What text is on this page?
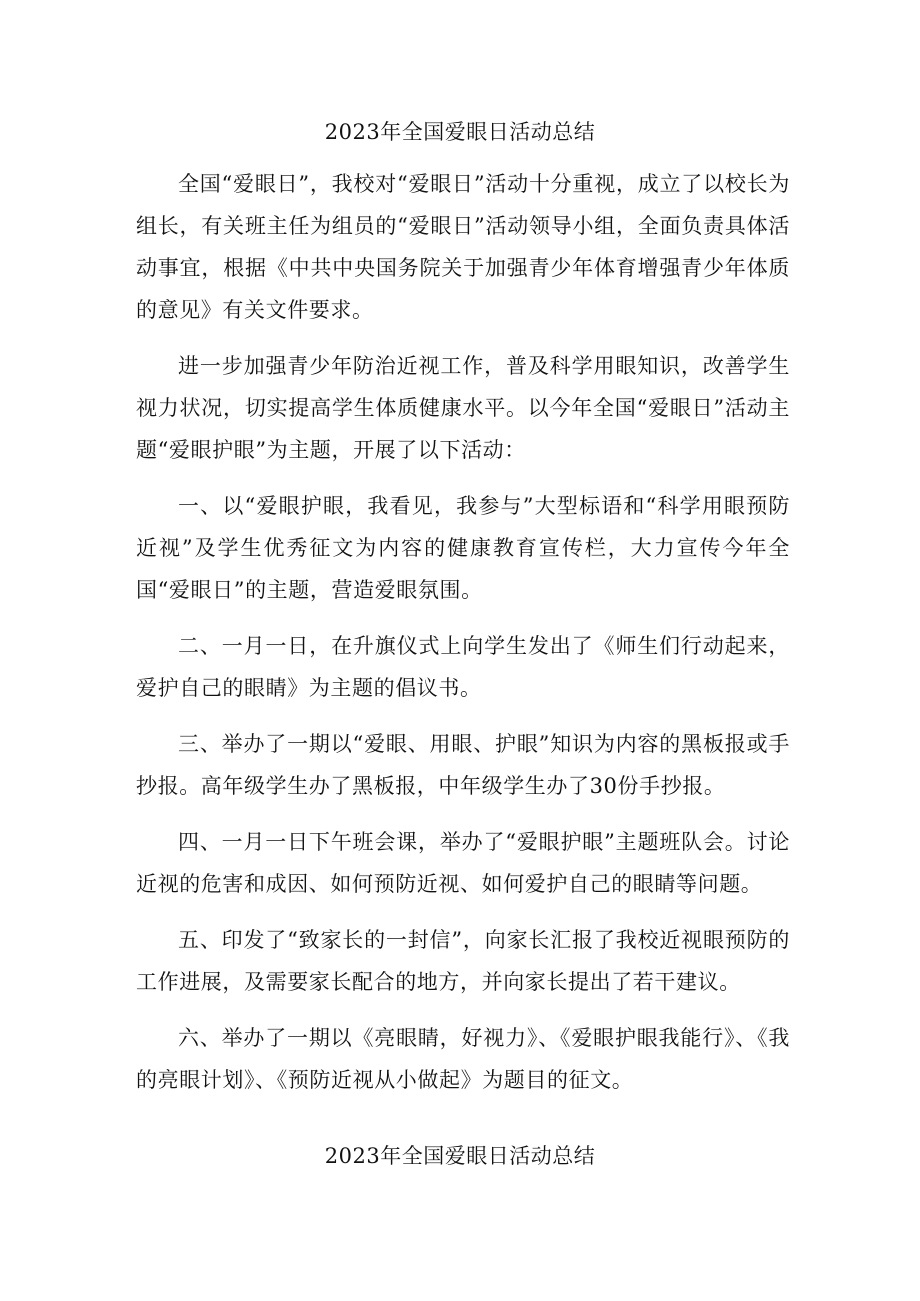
2023年全国爱眼日活动总结

全国“爱眼日”，我校对“爱眼日”活动十分重视，成立了以校长为组长，有关班主任为组员的“爱眼日”活动领导小组，全面负责具体活动事宜，根据《中共中央国务院关于加强青少年体育增强青少年体质的意见》有关文件要求。

进一步加强青少年防治近视工作，普及科学用眼知识，改善学生视力状况，切实提高学生体质健康水平。以今年全国“爱眼日”活动主题“爱眼护眼”为主题，开展了以下活动：

一、以“爱眼护眼，我看见，我参与”大型标语和“科学用眼预防近视”及学生优秀征文为内容的健康教育宣传栏，大力宣传今年全国“爱眼日”的主题，营造爱眼氛围。

二、一月一日，在升旗仪式上向学生发出了《师生们行动起来，爱护自己的眼睛》为主题的倡议书。

三、举办了一期以“爱眼、用眼、护眼”知识为内容的黑板报或手抄报。高年级学生办了黑板报，中年级学生办了30份手抄报。

四、一月一日下午班会课，举办了“爱眼护眼”主题班队会。讨论近视的危害和成因、如何预防近视、如何爱护自己的眼睛等问题。

五、印发了“致家长的一封信”，向家长汇报了我校近视眼预防的工作进展，及需要家长配合的地方，并向家长提出了若干建议。

六、举办了一期以《亮眼睛，好视力》、《爱眼护眼我能行》、《我的亮眼计划》、《预防近视从小做起》为题目的征文。

2023年全国爱眼日活动总结
